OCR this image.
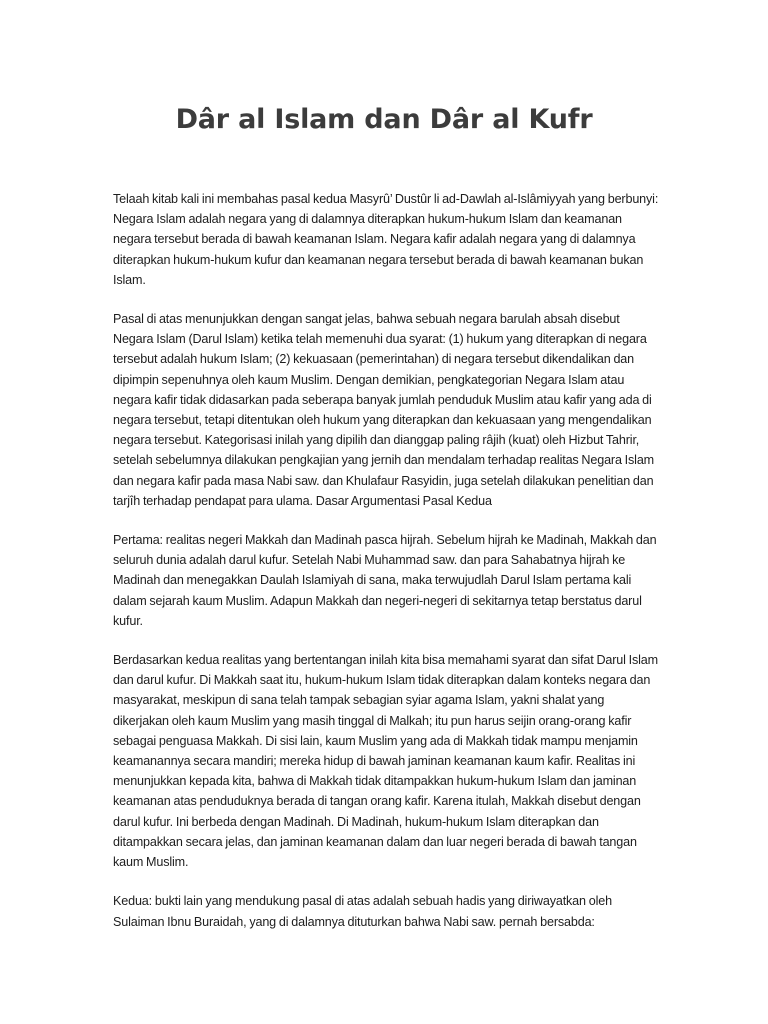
Dâr al Islam dan Dâr al Kufr

Telaah kitab kali ini membahas pasal kedua Masyrû’ Dustûr li ad-Dawlah al-Islâmiyyah yang berbunyi: Negara Islam adalah negara yang di dalamnya diterapkan hukum-hukum Islam dan keamanan negara tersebut berada di bawah keamanan Islam. Negara kafir adalah negara yang di dalamnya diterapkan hukum-hukum kufur dan keamanan negara tersebut berada di bawah keamanan bukan Islam.

Pasal di atas menunjukkan dengan sangat jelas, bahwa sebuah negara barulah absah disebut Negara Islam (Darul Islam) ketika telah memenuhi dua syarat: (1) hukum yang diterapkan di negara tersebut adalah hukum Islam; (2) kekuasaan (pemerintahan) di negara tersebut dikendalikan dan dipimpin sepenuhnya oleh kaum Muslim. Dengan demikian, pengkategorian Negara Islam atau negara kafir tidak didasarkan pada seberapa banyak jumlah penduduk Muslim atau kafir yang ada di negara tersebut, tetapi ditentukan oleh hukum yang diterapkan dan kekuasaan yang mengendalikan negara tersebut. Kategorisasi inilah yang dipilih dan dianggap paling râjih (kuat) oleh Hizbut Tahrir, setelah sebelumnya dilakukan pengkajian yang jernih dan mendalam terhadap realitas Negara Islam dan negara kafir pada masa Nabi saw. dan Khulafaur Rasyidin, juga setelah dilakukan penelitian dan tarjîh terhadap pendapat para ulama. Dasar Argumentasi Pasal Kedua

Pertama: realitas negeri Makkah dan Madinah pasca hijrah. Sebelum hijrah ke Madinah, Makkah dan seluruh dunia adalah darul kufur. Setelah Nabi Muhammad saw. dan para Sahabatnya hijrah ke Madinah dan menegakkan Daulah Islamiyah di sana, maka terwujudlah Darul Islam pertama kali dalam sejarah kaum Muslim. Adapun Makkah dan negeri-negeri di sekitarnya tetap berstatus darul kufur.

Berdasarkan kedua realitas yang bertentangan inilah kita bisa memahami syarat dan sifat Darul Islam dan darul kufur. Di Makkah saat itu, hukum-hukum Islam tidak diterapkan dalam konteks negara dan masyarakat, meskipun di sana telah tampak sebagian syiar agama Islam, yakni shalat yang dikerjakan oleh kaum Muslim yang masih tinggal di Malkah; itu pun harus seijin orang-orang kafir sebagai penguasa Makkah. Di sisi lain, kaum Muslim yang ada di Makkah tidak mampu menjamin keamanannya secara mandiri; mereka hidup di bawah jaminan keamanan kaum kafir. Realitas ini menunjukkan kepada kita, bahwa di Makkah tidak ditampakkan hukum-hukum Islam dan jaminan keamanan atas penduduknya berada di tangan orang kafir. Karena itulah, Makkah disebut dengan darul kufur. Ini berbeda dengan Madinah. Di Madinah, hukum-hukum Islam diterapkan dan ditampakkan secara jelas, dan jaminan keamanan dalam dan luar negeri berada di bawah tangan kaum Muslim.

Kedua: bukti lain yang mendukung pasal di atas adalah sebuah hadis yang diriwayatkan oleh Sulaiman Ibnu Buraidah, yang di dalamnya dituturkan bahwa Nabi saw. pernah bersabda:
